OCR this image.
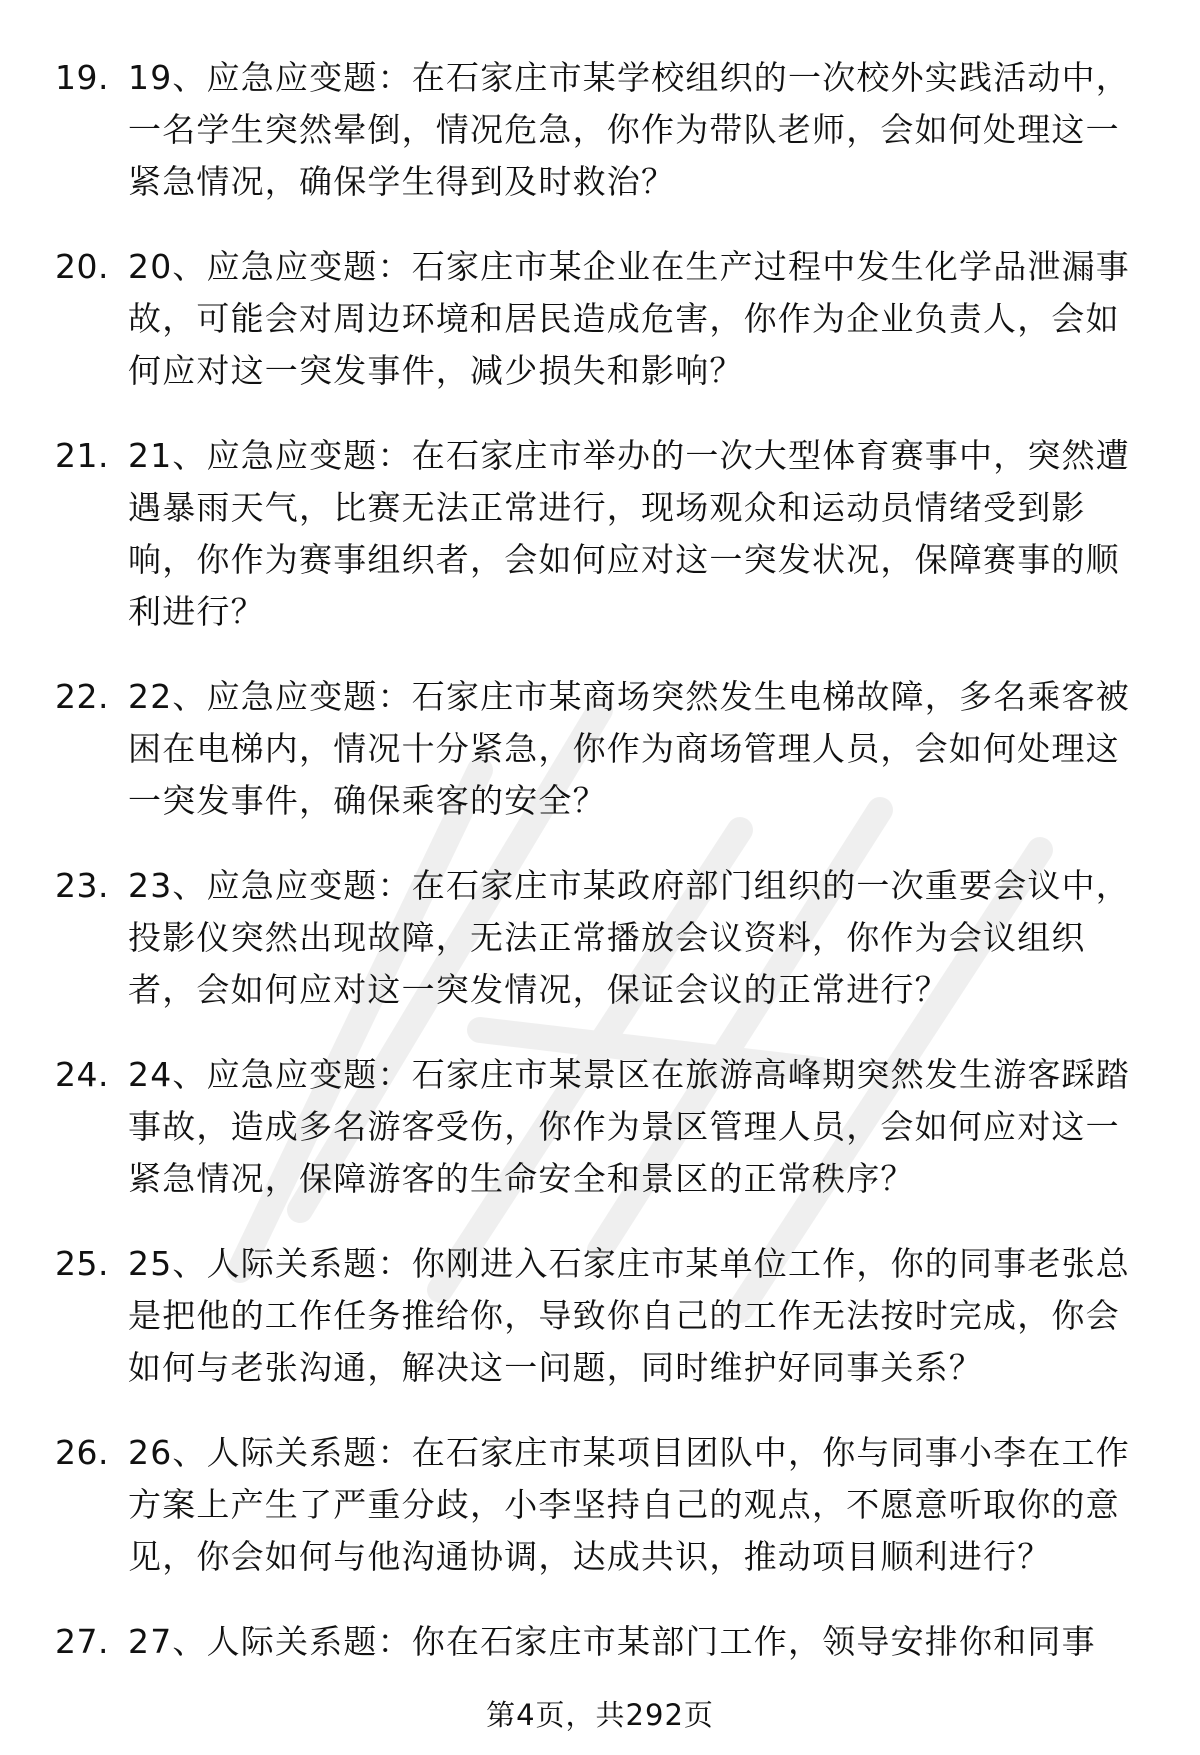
19. 19、应急应变题：在石家庄市某学校组织的一次校外实践活动中，一名学生突然晕倒，情况危急，你作为带队老师，会如何处理这一紧急情况，确保学生得到及时救治？
20. 20、应急应变题：石家庄市某企业在生产过程中发生化学品泄漏事故，可能会对周边环境和居民造成危害，你作为企业负责人，会如何应对这一突发事件，减少损失和影响？
21. 21、应急应变题：在石家庄市举办的一次大型体育赛事中，突然遭遇暴雨天气，比赛无法正常进行，现场观众和运动员情绪受到影响，你作为赛事组织者，会如何应对这一突发状况，保障赛事的顺利进行？
22. 22、应急应变题：石家庄市某商场突然发生电梯故障，多名乘客被困在电梯内，情况十分紧急，你作为商场管理人员，会如何处理这一突发事件，确保乘客的安全？
23. 23、应急应变题：在石家庄市某政府部门组织的一次重要会议中，投影仪突然出现故障，无法正常播放会议资料，你作为会议组织者，会如何应对这一突发情况，保证会议的正常进行？
24. 24、应急应变题：石家庄市某景区在旅游高峰期突然发生游客踩踏事故，造成多名游客受伤，你作为景区管理人员，会如何应对这一紧急情况，保障游客的生命安全和景区的正常秩序？
25. 25、人际关系题：你刚进入石家庄市某单位工作，你的同事老张总是把他的工作任务推给你，导致你自己的工作无法按时完成，你会如何与老张沟通，解决这一问题，同时维护好同事关系？
26. 26、人际关系题：在石家庄市某项目团队中，你与同事小李在工作方案上产生了严重分歧，小李坚持自己的观点，不愿意听取你的意见，你会如何与他沟通协调，达成共识，推动项目顺利进行？
27. 27、人际关系题：你在石家庄市某部门工作，领导安排你和同事
第4页，共292页
